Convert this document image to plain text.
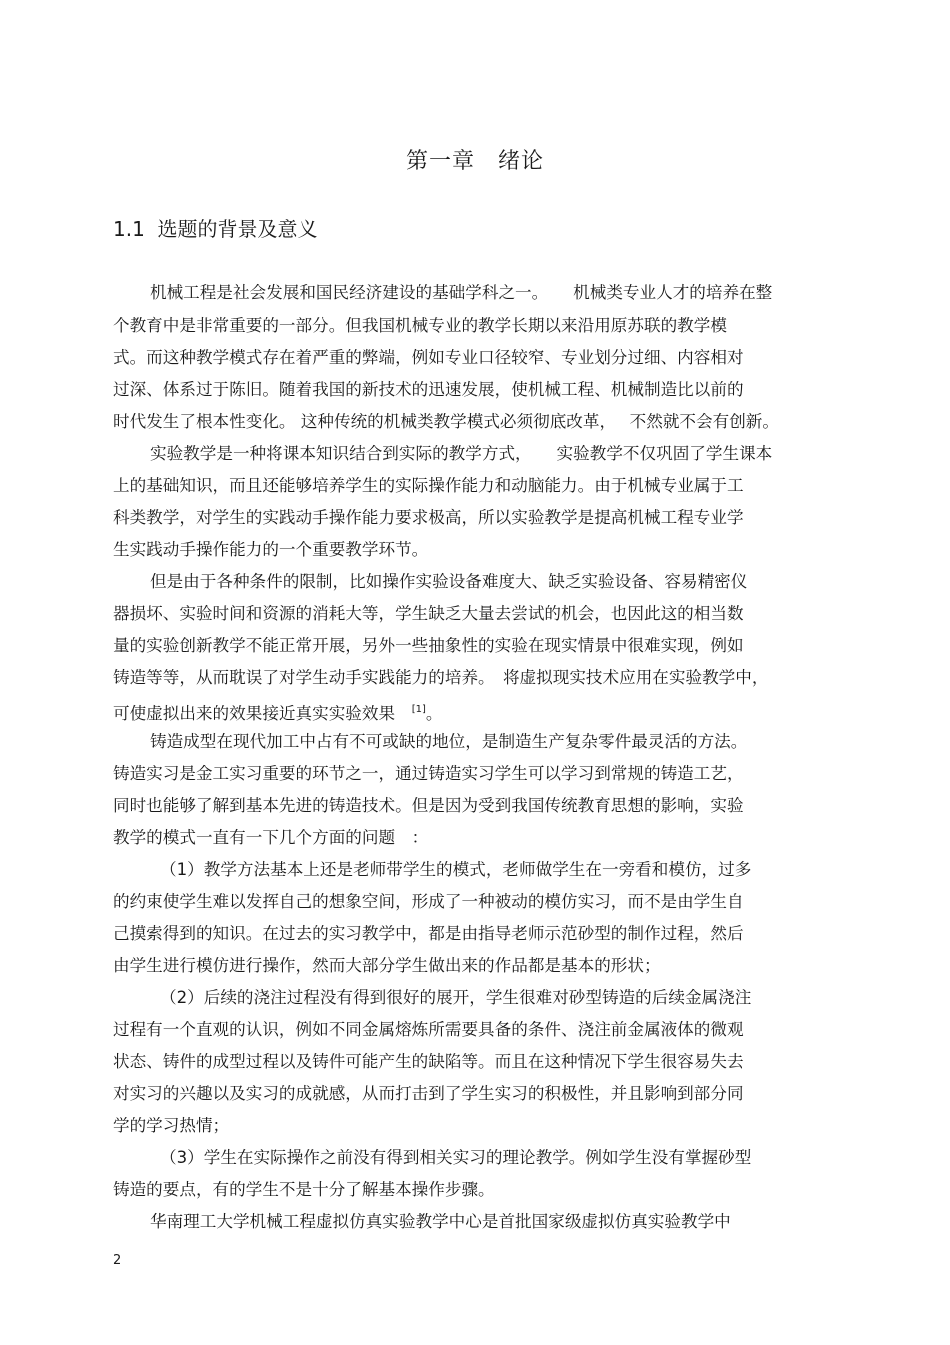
第一章　绪论
1.1  选题的背景及意义
机械工程是社会发展和国民经济建设的基础学科之一。　　机械类专业人才的培养在整
个教育中是非常重要的一部分。但我国机械专业的教学长期以来沿用原苏联的教学模
式。而这种教学模式存在着严重的弊端，例如专业口径较窄、专业划分过细、内容相对
过深、体系过于陈旧。随着我国的新技术的迅速发展，使机械工程、机械制造比以前的
时代发生了根本性变化。 这种传统的机械类教学模式必须彻底改革，　 不然就不会有创新。
实验教学是一种将课本知识结合到实际的教学方式，　　实验教学不仅巩固了学生课本
上的基础知识，而且还能够培养学生的实际操作能力和动脑能力。由于机械专业属于工
科类教学，对学生的实践动手操作能力要求极高，所以实验教学是提高机械工程专业学
生实践动手操作能力的一个重要教学环节。
但是由于各种条件的限制，比如操作实验设备难度大、缺乏实验设备、容易精密仪
器损坏、实验时间和资源的消耗大等，学生缺乏大量去尝试的机会，也因此这的相当数
量的实验创新教学不能正常开展，另外一些抽象性的实验在现实情景中很难实现，例如
铸造等等，从而耽误了对学生动手实践能力的培养。　将虚拟现实技术应用在实验教学中，
可使虚拟出来的效果接近真实实验效果　[1]。
铸造成型在现代加工中占有不可或缺的地位，是制造生产复杂零件最灵活的方法。
铸造实习是金工实习重要的环节之一，通过铸造实习学生可以学习到常规的铸造工艺，
同时也能够了解到基本先进的铸造技术。但是因为受到我国传统教育思想的影响，实验
教学的模式一直有一下几个方面的问题　：
（1）教学方法基本上还是老师带学生的模式，老师做学生在一旁看和模仿，过多
的约束使学生难以发挥自己的想象空间，形成了一种被动的模仿实习，而不是由学生自
己摸索得到的知识。在过去的实习教学中，都是由指导老师示范砂型的制作过程，然后
由学生进行模仿进行操作，然而大部分学生做出来的作品都是基本的形状；
（2）后续的浇注过程没有得到很好的展开，学生很难对砂型铸造的后续金属浇注
过程有一个直观的认识，例如不同金属熔炼所需要具备的条件、浇注前金属液体的微观
状态、铸件的成型过程以及铸件可能产生的缺陷等。而且在这种情况下学生很容易失去
对实习的兴趣以及实习的成就感，从而打击到了学生实习的积极性，并且影响到部分同
学的学习热情；
（3）学生在实际操作之前没有得到相关实习的理论教学。例如学生没有掌握砂型
铸造的要点，有的学生不是十分了解基本操作步骤。
华南理工大学机械工程虚拟仿真实验教学中心是首批国家级虚拟仿真实验教学中
2
